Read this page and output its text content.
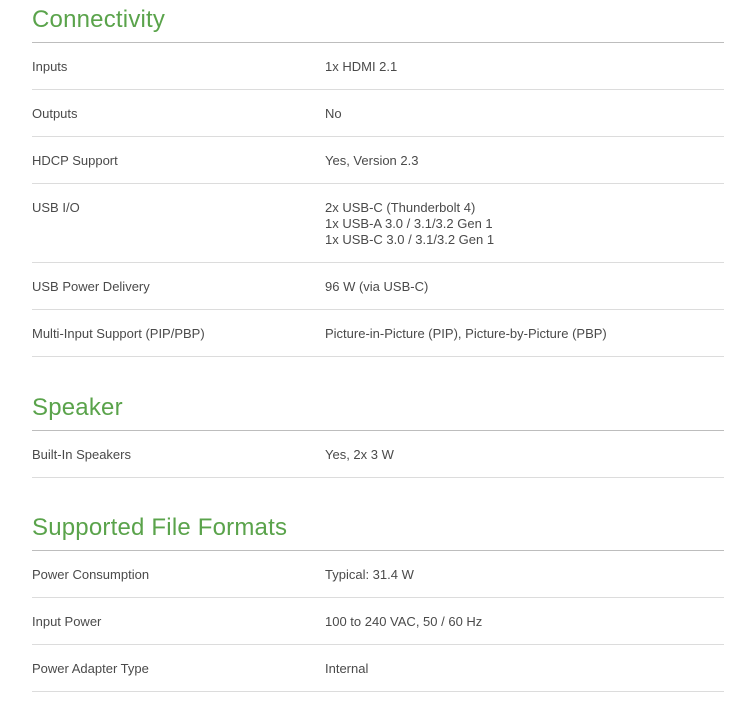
Connectivity
Inputs	1x HDMI 2.1
Outputs	No
HDCP Support	Yes, Version 2.3
USB I/O	2x USB-C (Thunderbolt 4)
1x USB-A 3.0 / 3.1/3.2 Gen 1
1x USB-C 3.0 / 3.1/3.2 Gen 1
USB Power Delivery	96 W (via USB-C)
Multi-Input Support (PIP/PBP)	Picture-in-Picture (PIP), Picture-by-Picture (PBP)
Speaker
Built-In Speakers	Yes, 2x 3 W
Supported File Formats
Power Consumption	Typical: 31.4 W
Input Power	100 to 240 VAC, 50 / 60 Hz
Power Adapter Type	Internal
